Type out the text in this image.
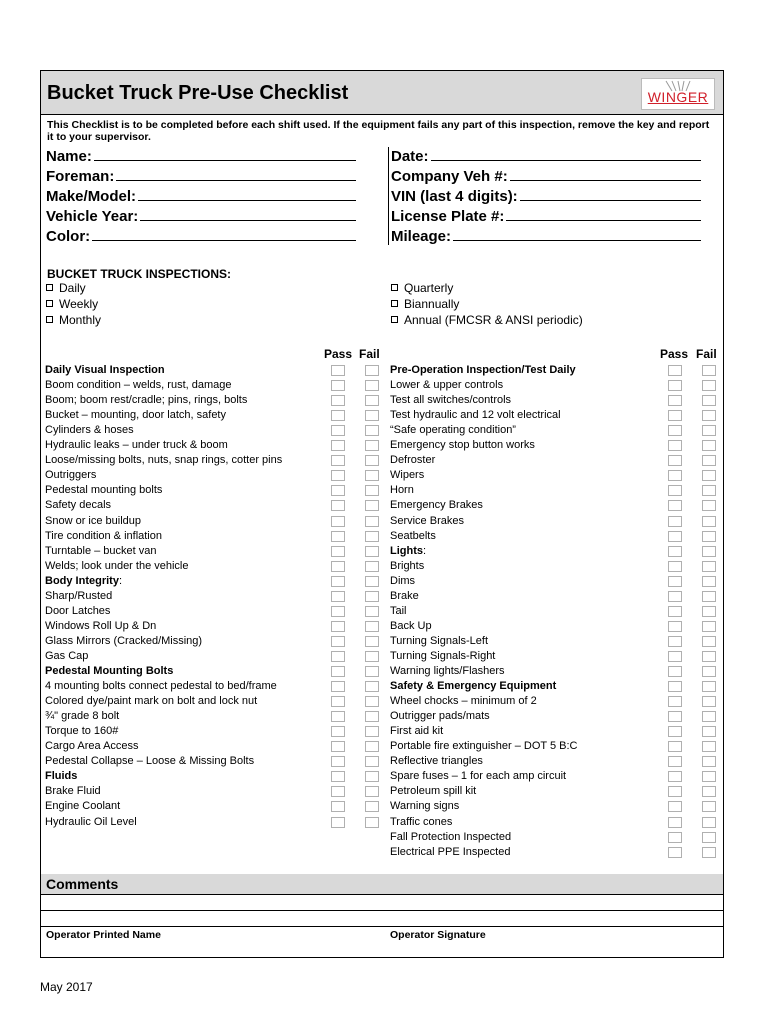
Bucket Truck Pre-Use Checklist	WINGER
This Checklist is to be completed before each shift used. If the equipment fails any part of this inspection, remove the key and report it to your supervisor.
Name:	Date:
Foreman:	Company Veh #:
Make/Model:	VIN (last 4 digits):
Vehicle Year:	License Plate #:
Color:	Mileage:
BUCKET TRUCK INSPECTIONS:
Daily
Weekly
Monthly
Quarterly
Biannually
Annual (FMCSR & ANSI periodic)
Pass Fail	Pass Fail
Daily Visual Inspection
Boom condition – welds, rust, damage
Boom; boom rest/cradle; pins, rings, bolts
Bucket – mounting, door latch, safety
Cylinders & hoses
Hydraulic leaks – under truck & boom
Loose/missing bolts, nuts, snap rings, cotter pins
Outriggers
Pedestal mounting bolts
Safety decals
Snow or ice buildup
Tire condition & inflation
Turntable – bucket van
Welds; look under the vehicle
Body Integrity:
Sharp/Rusted
Door Latches
Windows Roll Up & Dn
Glass Mirrors (Cracked/Missing)
Gas Cap
Pedestal Mounting Bolts
4 mounting bolts connect pedestal to bed/frame
Colored dye/paint mark on bolt and lock nut
¾" grade 8 bolt
Torque to 160#
Cargo Area Access
Pedestal Collapse – Loose & Missing Bolts
Fluids
Brake Fluid
Engine Coolant
Hydraulic Oil Level
Pre-Operation Inspection/Test Daily
Lower & upper controls
Test all switches/controls
Test hydraulic and 12 volt electrical
“Safe operating condition”
Emergency stop button works
Defroster
Wipers
Horn
Emergency Brakes
Service Brakes
Seatbelts
Lights:
Brights
Dims
Brake
Tail
Back Up
Turning Signals-Left
Turning Signals-Right
Warning lights/Flashers
Safety & Emergency Equipment
Wheel chocks – minimum of 2
Outrigger pads/mats
First aid kit
Portable fire extinguisher – DOT 5 B:C
Reflective triangles
Spare fuses – 1 for each amp circuit
Petroleum spill kit
Warning signs
Traffic cones
Fall Protection Inspected
Electrical PPE Inspected
Comments
Operator Printed Name	Operator Signature
May 2017
